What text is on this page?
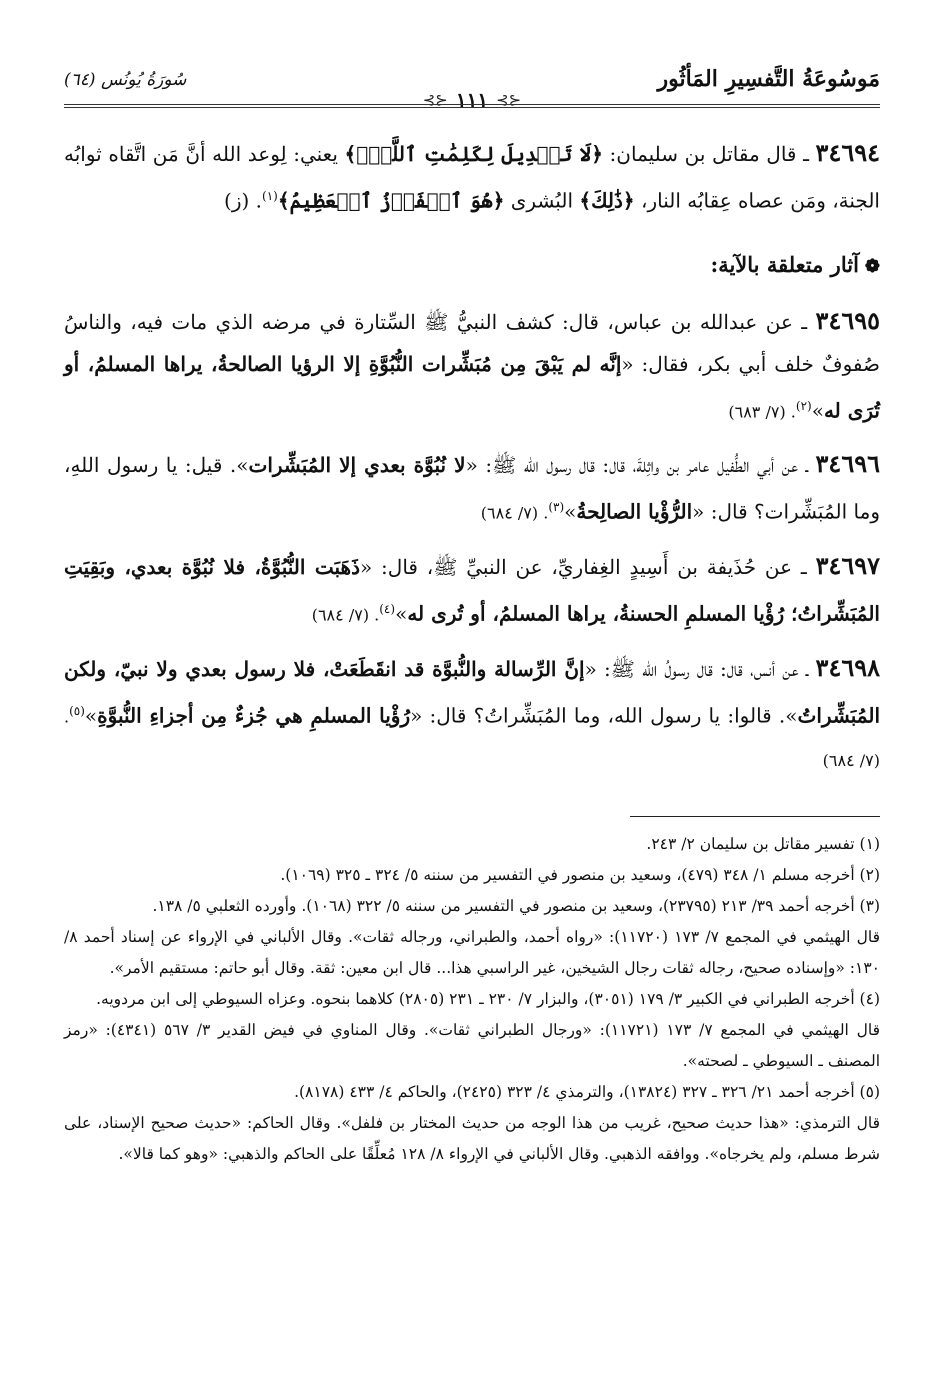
مَوسُوعَةُ التَّفسِيرِ المَأثُور
⊰⊱ ١١١ ⊰⊱
سُورَةُ يُونُس (٦٤)

٣٤٦٩٤ ـ قال مقاتل بن سليمان: ﴿لَا تَبۡدِيلَ لِكَلِمَٰتِ ٱللَّهِۚ﴾ يعني: لِوعد الله أنَّ مَن اتَّقاه ثوابُه الجنة، ومَن عصاه عِقابُه النار، ﴿ذَٰلِكَ﴾ البُشرى ﴿هُوَ ٱلۡفَوۡزُ ٱلۡعَظِيمُ﴾$^{(١)}$. (ز)

❁آثار متعلقة بالآية:

٣٤٦٩٥ ـ عن عبدالله بن عباس، قال: كشف النبيُّ ﷺ السِّتارة في مرضه الذي مات فيه، والناسُ صُفوفٌ خلف أبي بكر، فقال: «إنَّه لم يَبْقَ مِن مُبَشِّرات النُّبُوَّةِ إلا الرؤيا الصالحةُ، يراها المسلمُ، أو تُرَى له»$^{(٢)}$. (٧/ ٦٨٣)

٣٤٦٩٦ ـ عن أبي الطُّفيل عامر بن واثِلةَ، قال: قال رسول الله ﷺ: «لا نُبُوَّة بعدي إلا المُبَشِّرات». قيل: يا رسول اللهِ، وما المُبَشِّرات؟ قال: «الرُّؤْيا الصالِحةُ»$^{(٣)}$. (٧/ ٦٨٤)

٣٤٦٩٧ ـ عن حُذَيفة بن أَسِيدٍ الغِفاريِّ، عن النبيِّ ﷺ، قال: «ذَهَبَت النُّبُوَّةُ، فلا نُبُوَّة بعدي، وبَقِيَتِ المُبَشِّراتُ؛ رُؤْيا المسلمِ الحسنةُ، يراها المسلمُ، أو تُرى له»$^{(٤)}$. (٧/ ٦٨٤)

٣٤٦٩٨ ـ عن أنس، قال: قال رسولُ الله ﷺ: «إنَّ الرِّسالة والنُّبوَّة قد انقَطَعَتْ، فلا رسول بعدي ولا نبيّ، ولكن المُبَشِّراتُ». قالوا: يا رسول الله، وما المُبَشِّراتُ؟ قال: «رُؤْيا المسلمِ هي جُزءٌ مِن أجزاءِ النُّبوَّةِ»$^{(٥)}$. (٧/ ٦٨٤)

(١) تفسير مقاتل بن سليمان ٢/ ٢٤٣.

(٢) أخرجه مسلم ١/ ٣٤٨ (٤٧٩)، وسعيد بن منصور في التفسير من سننه ٥/ ٣٢٤ ـ ٣٢٥ (١٠٦٩).

(٣) أخرجه أحمد ٣٩/ ٢١٣ (٢٣٧٩٥)، وسعيد بن منصور في التفسير من سننه ٥/ ٣٢٢ (١٠٦٨). وأورده الثعلبي ٥/ ١٣٨.

قال الهيثمي في المجمع ٧/ ١٧٣ (١١٧٢٠): «رواه أحمد، والطبراني، ورجاله ثقات». وقال الألباني في الإرواء عن إسناد أحمد ٨/ ١٣٠: «وإسناده صحيح، رجاله ثقات رجال الشيخين، غير الراسبي هذا... قال ابن معين: ثقة. وقال أبو حاتم: مستقيم الأمر».

(٤) أخرجه الطبراني في الكبير ٣/ ١٧٩ (٣٠٥١)، والبزار ٧/ ٢٣٠ ـ ٢٣١ (٢٨٠٥) كلاهما بنحوه. وعزاه السيوطي إلى ابن مردويه.

قال الهيثمي في المجمع ٧/ ١٧٣ (١١٧٢١): «ورجال الطبراني ثقات». وقال المناوي في فيض القدير ٣/ ٥٦٧ (٤٣٤١): «رمز المصنف ـ السيوطي ـ لصحته».

(٥) أخرجه أحمد ٢١/ ٣٢٦ ـ ٣٢٧ (١٣٨٢٤)، والترمذي ٤/ ٣٢٣ (٢٤٢٥)، والحاكم ٤/ ٤٣٣ (٨١٧٨).

قال الترمذي: «هذا حديث صحيح، غريب من هذا الوجه من حديث المختار بن فلفل». وقال الحاكم: «حديث صحيح الإسناد، على شرط مسلم، ولم يخرجاه». ووافقه الذهبي. وقال الألباني في الإرواء ٨/ ١٢٨ مُعلِّقًا على الحاكم والذهبي: «وهو كما قالا».
